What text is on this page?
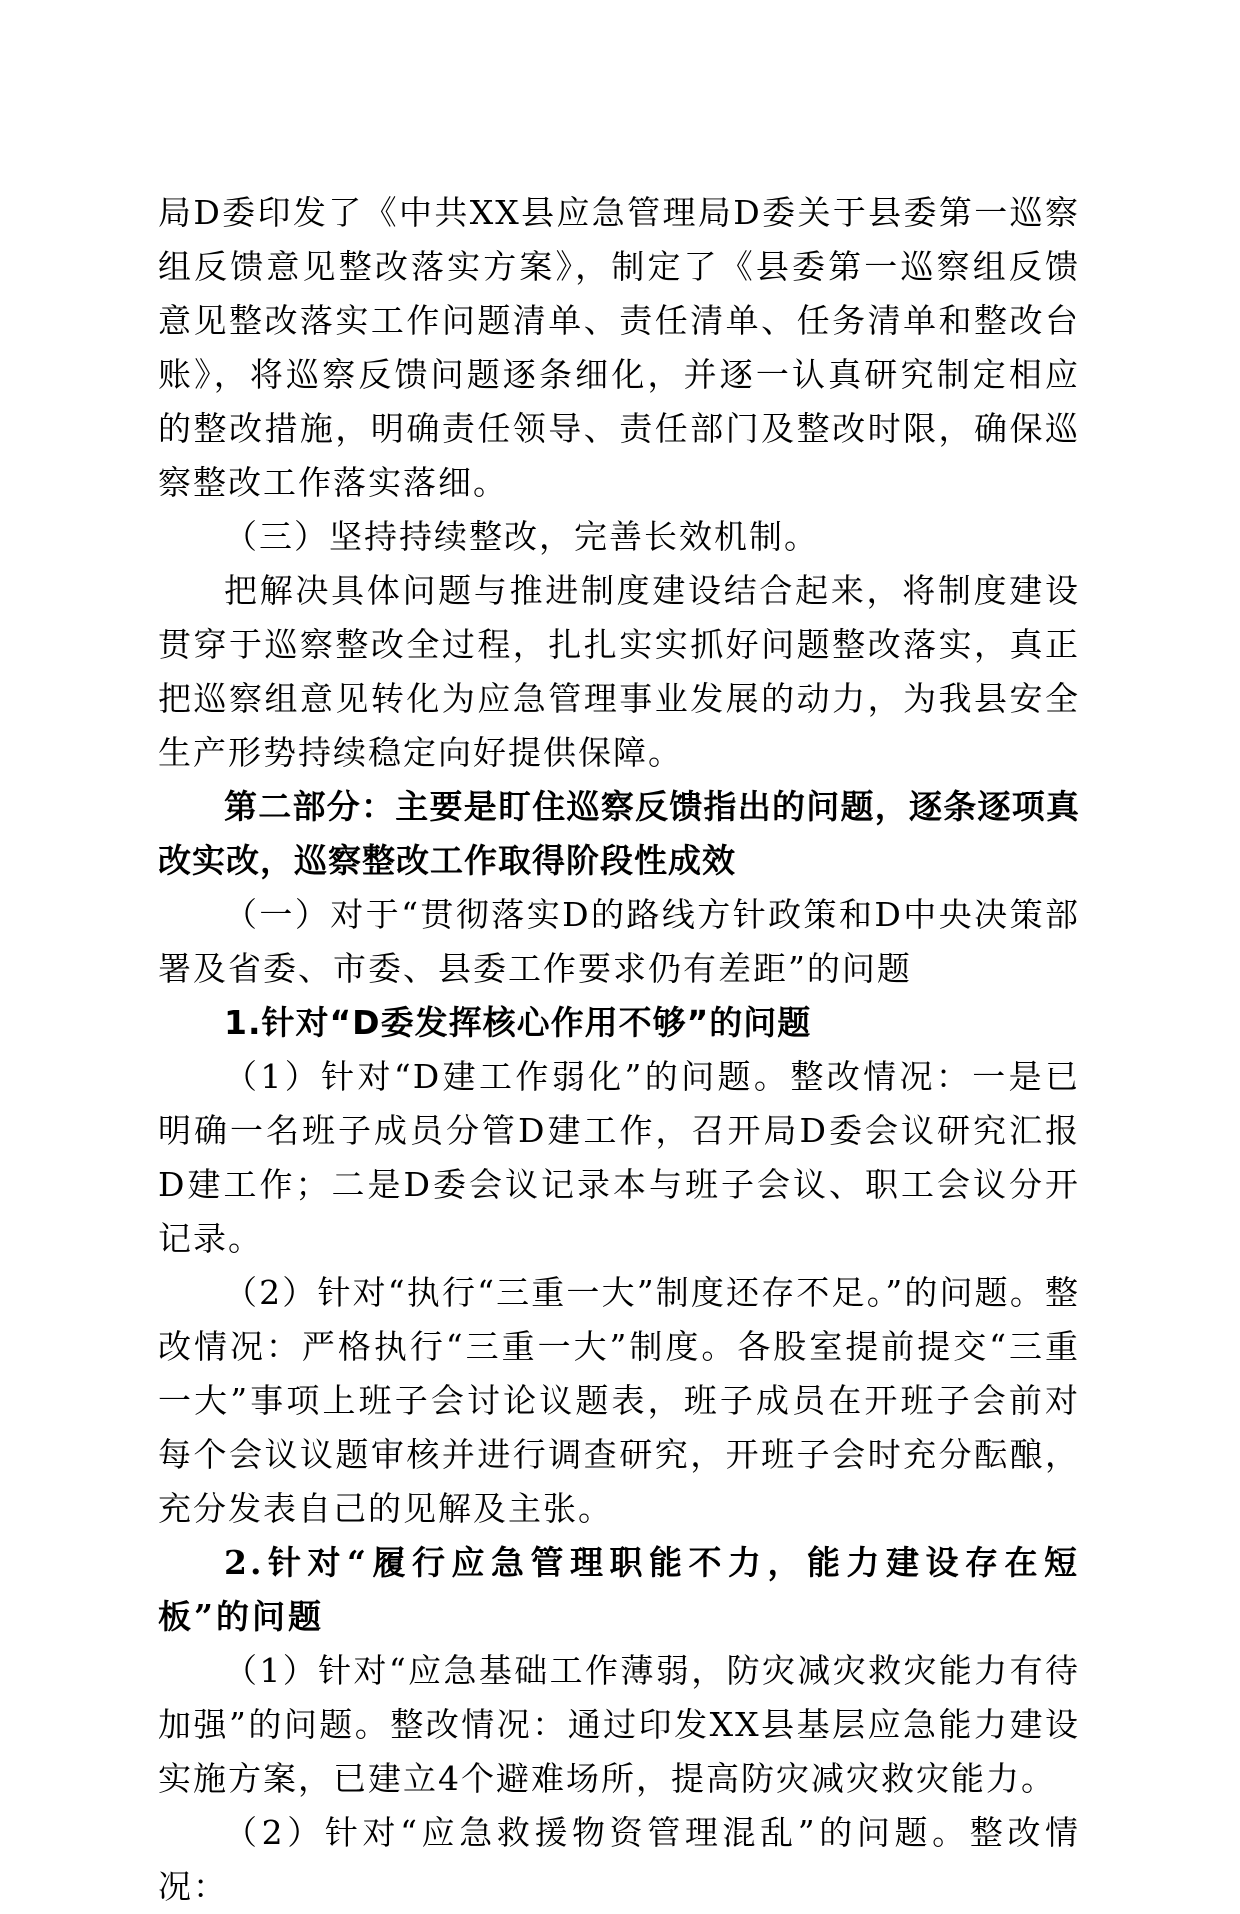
局D委印发了《中共XX县应急管理局D委关于县委第一巡察组反馈意见整改落实方案》，制定了《县委第一巡察组反馈意见整改落实工作问题清单、责任清单、任务清单和整改台账》，将巡察反馈问题逐条细化，并逐一认真研究制定相应的整改措施，明确责任领导、责任部门及整改时限，确保巡察整改工作落实落细。

（三）坚持持续整改，完善长效机制。

把解决具体问题与推进制度建设结合起来，将制度建设贯穿于巡察整改全过程，扎扎实实抓好问题整改落实，真正把巡察组意见转化为应急管理事业发展的动力，为我县安全生产形势持续稳定向好提供保障。

第二部分：主要是盯住巡察反馈指出的问题，逐条逐项真改实改，巡察整改工作取得阶段性成效

（一）对于“贯彻落实D的路线方针政策和D中央决策部署及省委、市委、县委工作要求仍有差距”的问题

1.针对“D委发挥核心作用不够”的问题

（1）针对“D建工作弱化”的问题。整改情况：一是已明确一名班子成员分管D建工作，召开局D委会议研究汇报D建工作；二是D委会议记录本与班子会议、职工会议分开记录。

（2）针对“执行“三重一大”制度还存不足。”的问题。整改情况：严格执行“三重一大”制度。各股室提前提交“三重一大”事项上班子会讨论议题表，班子成员在开班子会前对每个会议议题审核并进行调查研究，开班子会时充分酝酿，充分发表自己的见解及主张。

2.针对“履行应急管理职能不力，能力建设存在短板”的问题

（1）针对“应急基础工作薄弱，防灾减灾救灾能力有待加强”的问题。整改情况：通过印发XX县基层应急能力建设实施方案，已建立4个避难场所，提高防灾减灾救灾能力。

（2）针对“应急救援物资管理混乱”的问题。整改情况：
